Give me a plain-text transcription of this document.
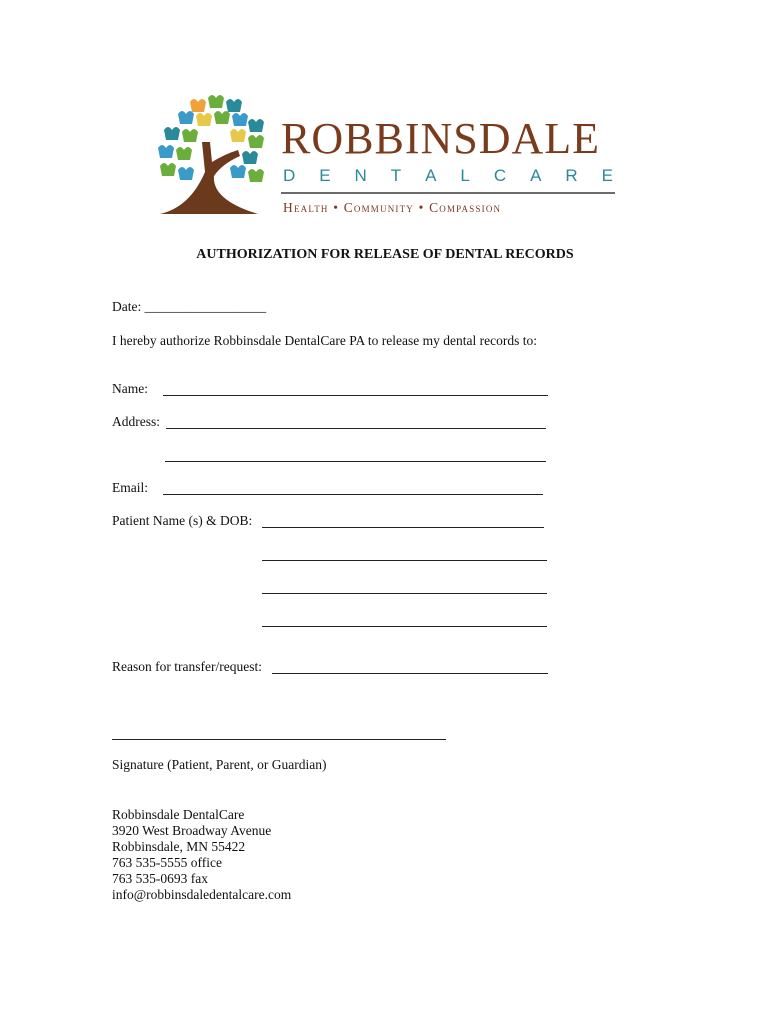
ROBBINSDALE
D E N T A L C A R E
Health • Community • Compassion
AUTHORIZATION FOR RELEASE OF DENTAL RECORDS
Date: __________________
I hereby authorize Robbinsdale DentalCare PA to release my dental records to:
Name:
Address:
Email:
Patient Name (s) & DOB:
Reason for transfer/request:
Signature (Patient, Parent, or Guardian)
Robbinsdale DentalCare
3920 West Broadway Avenue
Robbinsdale, MN 55422
763 535-5555 office
763 535-0693 fax
info@robbinsdaledentalcare.com
